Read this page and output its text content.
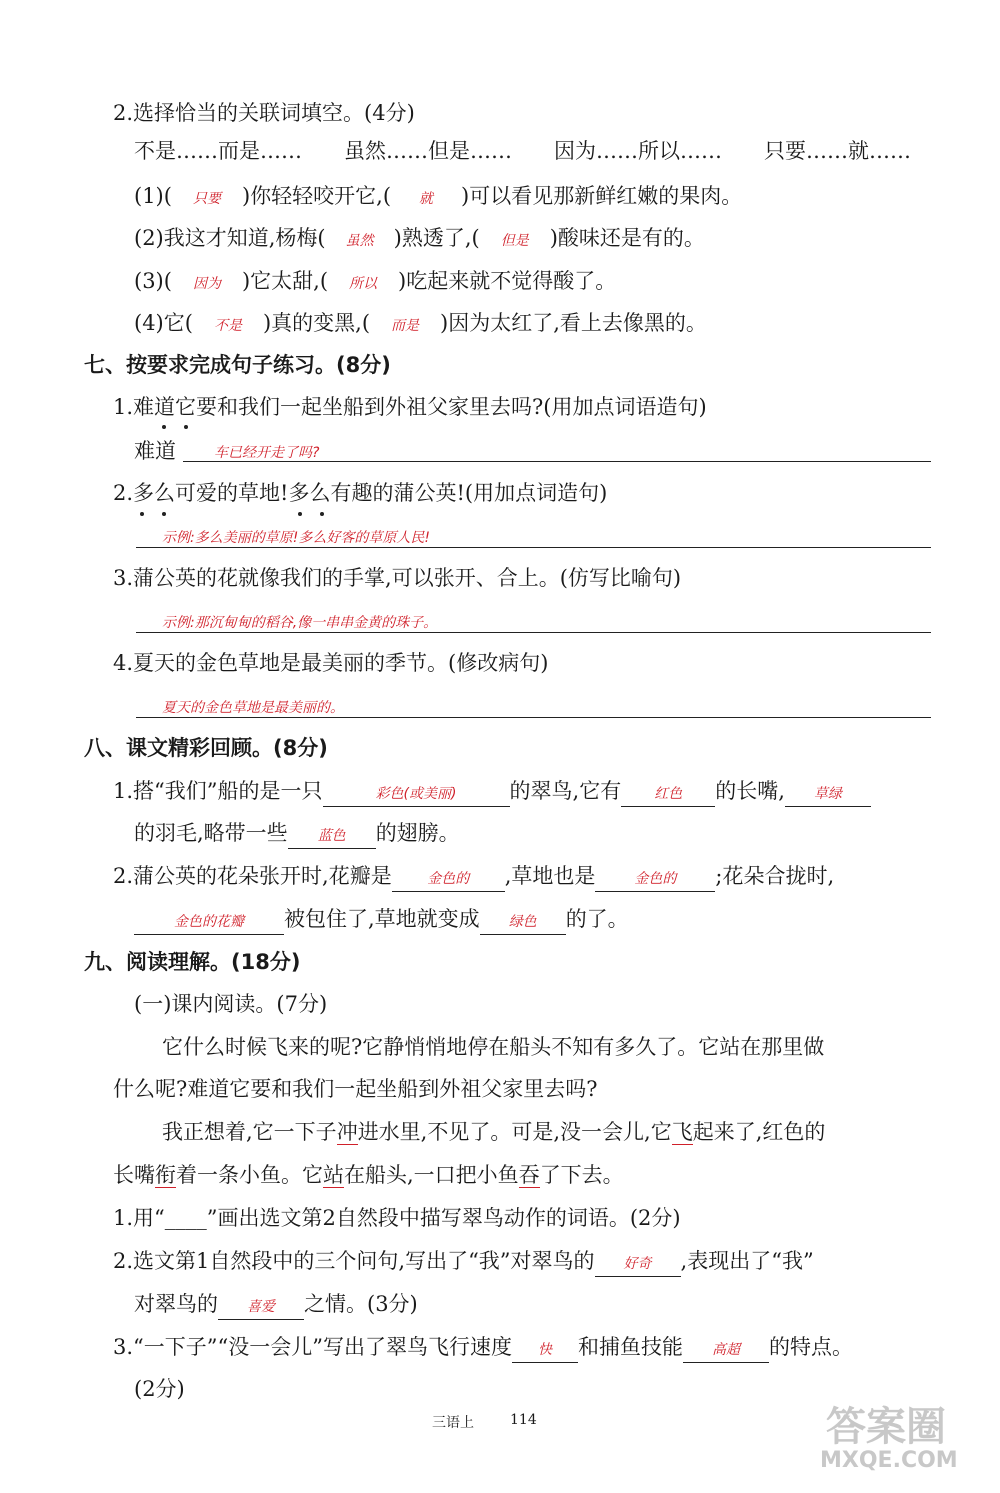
2.选择恰当的关联词填空。(4分)
不是……而是……　　虽然……但是……　　因为……所以……　　只要……就……
(1)( 只要 )你轻轻咬开它,( 就 )可以看见那新鲜红嫩的果肉。
(2)我这才知道,杨梅( 虽然 )熟透了,( 但是 )酸味还是有的。
(3)( 因为 )它太甜,( 所以 )吃起来就不觉得酸了。
(4)它( 不是 )真的变黑,( 而是 )因为太红了,看上去像黑的。
七、按要求完成句子练习。(8分)
1.难道它要和我们一起坐船到外祖父家里去吗?(用加点词语造句)
难道	车已经开走了吗?
2.多么可爱的草地!多么有趣的蒲公英!(用加点词造句)
示例:多么美丽的草原!多么好客的草原人民!
3.蒲公英的花就像我们的手掌,可以张开、合上。(仿写比喻句)
示例:那沉甸甸的稻谷,像一串串金黄的珠子。
4.夏天的金色草地是最美丽的季节。(修改病句)
夏天的金色草地是最美丽的。
八、课文精彩回顾。(8分)
1.搭“我们”船的是一只	彩色(或美丽)	的翠鸟,它有 红色 的长嘴, 草绿
的羽毛,略带一些 蓝色 的翅膀。
2.蒲公英的花朵张开时,花瓣是	金色的 ,草地也是	金色的 ;花朵合拢时,
金色的花瓣 被包住了,草地就变成 绿色 的了。
九、阅读理解。(18分)
(一)课内阅读。(7分)
它什么时候飞来的呢?它静悄悄地停在船头不知有多久了。它站在那里做
什么呢?难道它要和我们一起坐船到外祖父家里去吗?
我正想着,它一下子冲进水里,不见了。可是,没一会儿,它飞起来了,红色的
长嘴衔着一条小鱼。它站在船头,一口把小鱼吞了下去。
1.用“____”画出选文第2自然段中描写翠鸟动作的词语。(2分)
2.选文第1自然段中的三个问句,写出了“我”对翠鸟的 好奇 ,表现出了“我”
对翠鸟的 喜爱 之情。(3分)
3.“一下子”“没一会儿”写出了翠鸟飞行速度 快 和捕鱼技能 高超 的特点。
(2分)
三语上	114	答案圈
MXQE.COM
